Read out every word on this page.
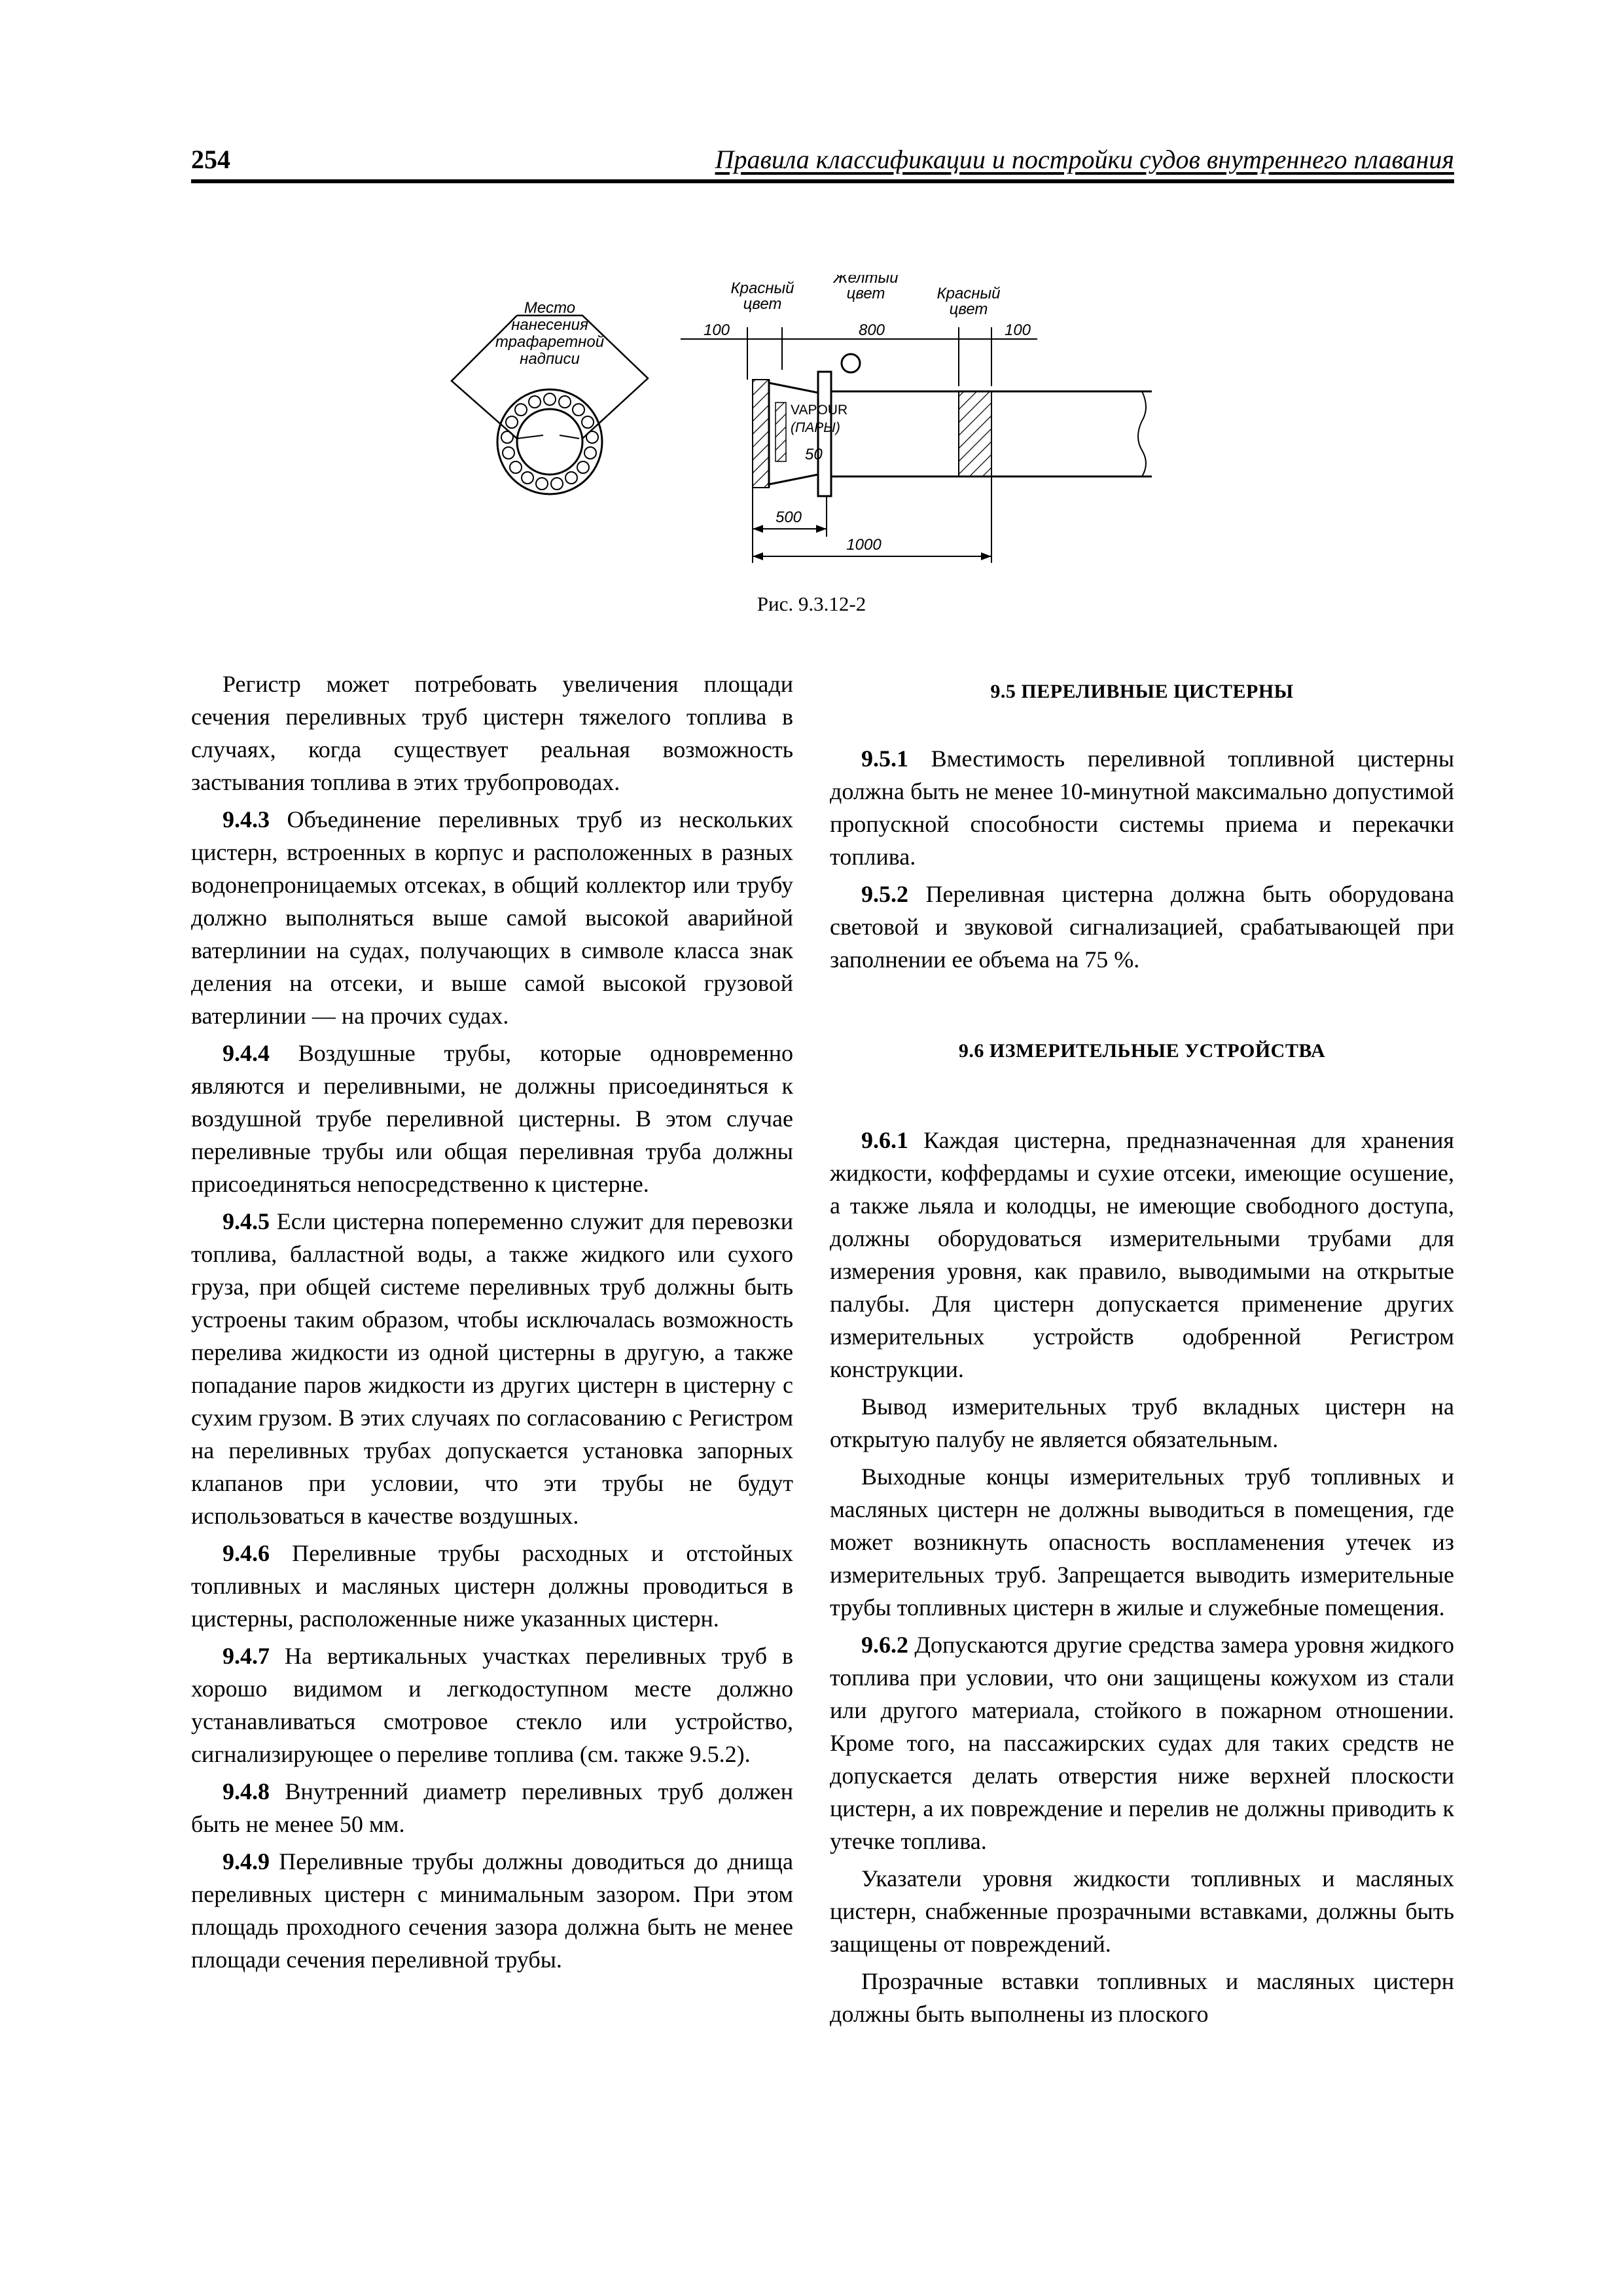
254	Правила классификации и постройки судов внутреннего плавания
Место
нанесения
трафаретной
надписи
Красный
цвет
Желтый
цвет	Красный
цвет
100	800	100
VAPOUR
(ПАРЫ)
50
500
1000
Рис. 9.3.12-2

Регистр может потребовать увеличения площади сечения переливных труб цистерн тяжелого топлива в случаях, когда существует реальная возможность застывания топлива в этих трубопроводах.

9.4.3 Объединение переливных труб из нескольких цистерн, встроенных в корпус и расположенных в разных водонепроницаемых отсеках, в общий коллектор или трубу должно выполняться выше самой высокой аварийной ватерлинии на судах, получающих в символе класса знак деления на отсеки, и выше самой высокой грузовой ватерлинии — на прочих судах.

9.4.4 Воздушные трубы, которые одновременно являются и переливными, не должны присоединяться к воздушной трубе переливной цистерны. В этом случае переливные трубы или общая переливная труба должны присоединяться непосредственно к цистерне.

9.4.5 Если цистерна попеременно служит для перевозки топлива, балластной воды, а также жидкого или сухого груза, при общей системе переливных труб должны быть устроены таким образом, чтобы исключалась возможность перелива жидкости из одной цистерны в другую, а также попадание паров жидкости из других цистерн в цистерну с сухим грузом. В этих случаях по согласованию с Регистром на переливных трубах допускается установка запорных клапанов при условии, что эти трубы не будут использоваться в качестве воздушных.

9.4.6 Переливные трубы расходных и отстойных топливных и масляных цистерн должны проводиться в цистерны, расположенные ниже указанных цистерн.

9.4.7 На вертикальных участках переливных труб в хорошо видимом и легкодоступном месте должно устанавливаться смотровое стекло или устройство, сигнализирующее о переливе топлива (см. также 9.5.2).

9.4.8 Внутренний диаметр переливных труб должен быть не менее 50 мм.

9.4.9 Переливные трубы должны доводиться до днища переливных цистерн с минимальным зазором. При этом площадь проходного сечения зазора должна быть не менее площади сечения переливной трубы.

9.5 ПЕРЕЛИВНЫЕ ЦИСТЕРНЫ

9.5.1 Вместимость переливной топливной цистерны должна быть не менее 10-минутной максимально допустимой пропускной способности системы приема и перекачки топлива.

9.5.2 Переливная цистерна должна быть оборудована световой и звуковой сигнализацией, срабатывающей при заполнении ее объема на 75 %.

9.6 ИЗМЕРИТЕЛЬНЫЕ УСТРОЙСТВА

9.6.1 Каждая цистерна, предназначенная для хранения жидкости, коффердамы и сухие отсеки, имеющие осушение, а также льяла и колодцы, не имеющие свободного доступа, должны оборудоваться измерительными трубами для измерения уровня, как правило, выводимыми на открытые палубы. Для цистерн допускается применение других измерительных устройств одобренной Регистром конструкции.

Вывод измерительных труб вкладных цистерн на открытую палубу не является обязательным.

Выходные концы измерительных труб топливных и масляных цистерн не должны выводиться в помещения, где может возникнуть опасность воспламенения утечек из измерительных труб. Запрещается выводить измерительные трубы топливных цистерн в жилые и служебные помещения.

9.6.2 Допускаются другие средства замера уровня жидкого топлива при условии, что они защищены кожухом из стали или другого материала, стойкого в пожарном отношении. Кроме того, на пассажирских судах для таких средств не допускается делать отверстия ниже верхней плоскости цистерн, а их повреждение и перелив не должны приводить к утечке топлива.

Указатели уровня жидкости топливных и масляных цистерн, снабженные прозрачными вставками, должны быть защищены от повреждений.

Прозрачные вставки топливных и масляных цистерн должны быть выполнены из плоского
